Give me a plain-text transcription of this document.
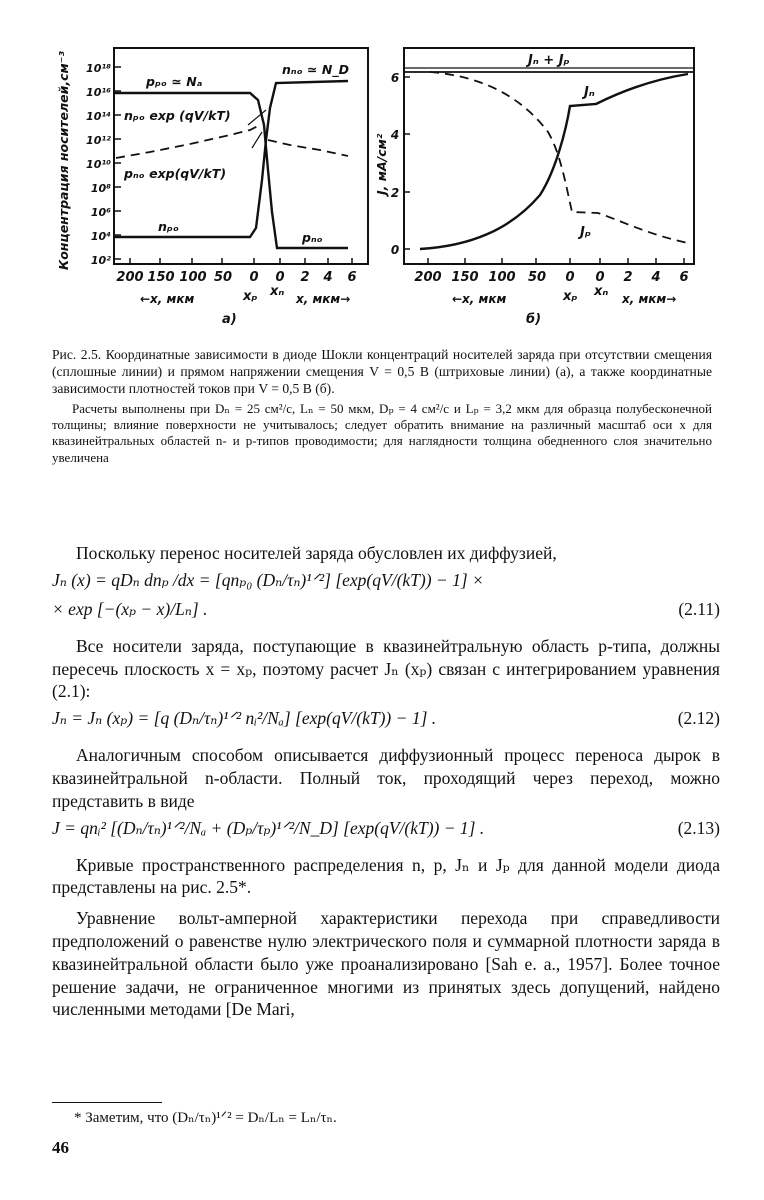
Концентрация носителей,см⁻³ 10¹⁸
10¹⁶
10¹⁴
10¹²
10¹⁰
10⁸
10⁶
10⁴
10²
200 150 100 50 0 0 2 4 6
xₚ xₙ
←x, мкм	x, мкм→
а)
pₚₒ ≃ Nₐ
nₙₒ ≃ N_D
nₚₒ exp (qV/kT)
pₙₒ exp(qV/kT)
nₚₒ
pₙₒ
J, мА/см²
6
4
2
0
200 150 100 50 0 0 2 4 6
xₚ xₙ
←x, мкм	x, мкм→
б)
Jₙ + Jₚ
Jₙ
Jₚ

Рис. 2.5. Координатные зависимости в диоде Шокли концентраций носителей заряда при отсутствии смещения (сплошные линии) и прямом напряжении смещения V = 0,5 В (штриховые линии) (а), а также координатные зависимости плотностей токов при V = 0,5 В (б).

Расчеты выполнены при Dₙ = 25 см²/с, Lₙ = 50 мкм, Dₚ = 4 см²/с и Lₚ = 3,2 мкм для образца полубесконечной толщины; влияние поверхности не учитывалось; следует обратить внимание на различный масштаб оси x для квазинейтральных областей n- и p-типов проводимости; для наглядности толщина обедненного слоя значительно увеличена

Поскольку перенос носителей заряда обусловлен их диффузией,

Jₙ (x) = qDₙ dnₚ /dx = [qnₚ₀ (Dₙ/τₙ)¹ᐟ²] [exp(qV/(kT)) − 1] ×
× exp [−(xₚ − x)/Lₙ] .	(2.11)

Все носители заряда, поступающие в квазинейтральную область p-типа, должны пересечь плоскость x = xₚ, поэтому расчет Jₙ (xₚ) связан с интегрированием уравнения (2.1):

Jₙ = Jₙ (xₚ) = [q (Dₙ/τₙ)¹ᐟ² nᵢ²/Nₐ] [exp(qV/(kT)) − 1] .	(2.12)

Аналогичным способом описывается диффузионный процесс переноса дырок в квазинейтральной n-области. Полный ток, проходящий через переход, можно представить в виде

J = qnᵢ² [(Dₙ/τₙ)¹ᐟ²/Nₐ + (Dₚ/τₚ)¹ᐟ²/N_D] [exp(qV/(kT)) − 1] .	(2.13)

Кривые пространственного распределения n, p, Jₙ и Jₚ для данной модели диода представлены на рис. 2.5*.

Уравнение вольт-амперной характеристики перехода при справедливости предположений о равенстве нулю электрического поля и суммарной плотности заряда в квазинейтральной области было уже проанализировано [Sah e. a., 1957]. Более точное решение задачи, не ограниченное многими из принятых здесь допущений, найдено численными методами [De Mari,

* Заметим, что (Dₙ/τₙ)¹ᐟ² = Dₙ/Lₙ = Lₙ/τₙ.
46
